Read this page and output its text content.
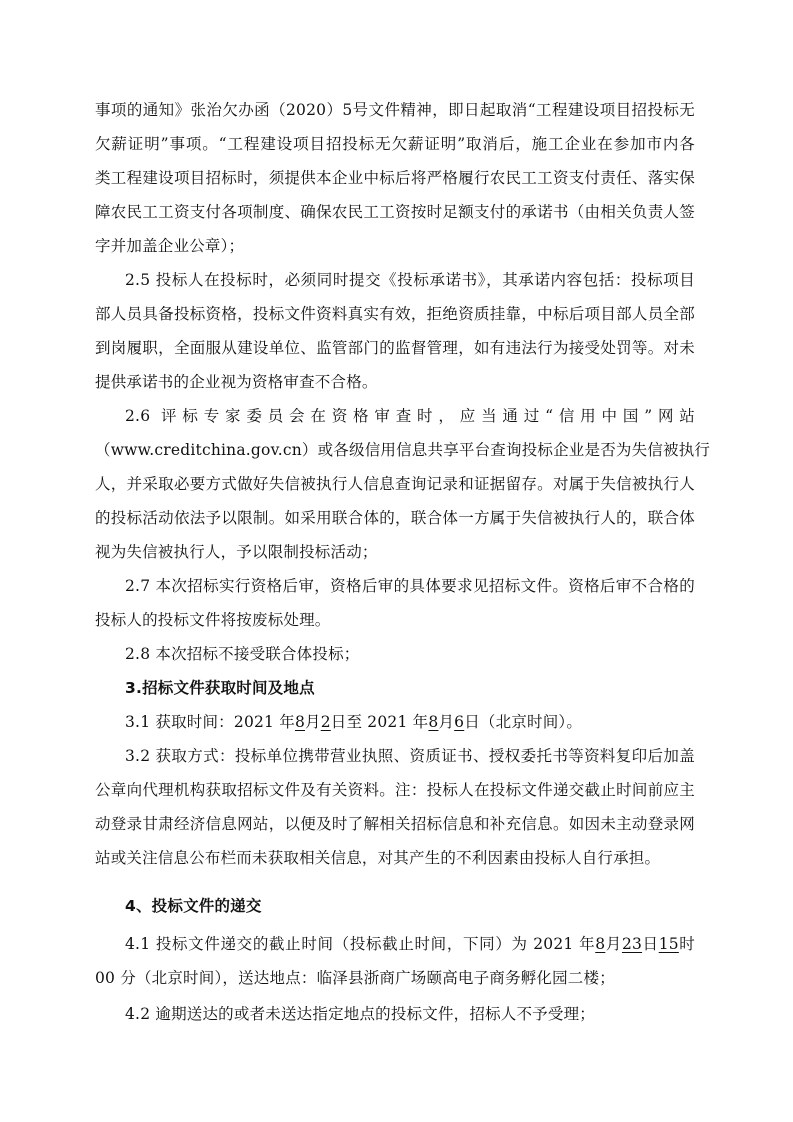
事项的通知》张治欠办函（2020）5号文件精神，即日起取消“工程建设项目招投标无
欠薪证明”事项。“工程建设项目招投标无欠薪证明”取消后，施工企业在参加市内各
类工程建设项目招标时，须提供本企业中标后将严格履行农民工工资支付责任、落实保
障农民工工资支付各项制度、确保农民工工资按时足额支付的承诺书（由相关负责人签
字并加盖企业公章）；
2.5 投标人在投标时，必须同时提交《投标承诺书》，其承诺内容包括：投标项目
部人员具备投标资格，投标文件资料真实有效，拒绝资质挂靠，中标后项目部人员全部
到岗履职，全面服从建设单位、监管部门的监督管理，如有违法行为接受处罚等。对未
提供承诺书的企业视为资格审查不合格。
2.6 评标专家委员会在资格审查时，应当通过“信用中国”网站
（www.creditchina.gov.cn）或各级信用信息共享平台查询投标企业是否为失信被执行
人，并采取必要方式做好失信被执行人信息查询记录和证据留存。对属于失信被执行人
的投标活动依法予以限制。如采用联合体的，联合体一方属于失信被执行人的，联合体
视为失信被执行人，予以限制投标活动；
2.7 本次招标实行资格后审，资格后审的具体要求见招标文件。资格后审不合格的
投标人的投标文件将按废标处理。
2.8 本次招标不接受联合体投标；
3.招标文件获取时间及地点
3.1 获取时间：2021 年8月2日至 2021 年8月6日（北京时间）。
3.2 获取方式：投标单位携带营业执照、资质证书、授权委托书等资料复印后加盖
公章向代理机构获取招标文件及有关资料。注：投标人在投标文件递交截止时间前应主
动登录甘肃经济信息网站，以便及时了解相关招标信息和补充信息。如因未主动登录网
站或关注信息公布栏而未获取相关信息，对其产生的不利因素由投标人自行承担。
4、投标文件的递交
4.1 投标文件递交的截止时间（投标截止时间，下同）为 2021 年8月23日15时
00 分（北京时间），送达地点：临泽县浙商广场颐高电子商务孵化园二楼；
4.2 逾期送达的或者未送达指定地点的投标文件，招标人不予受理；
